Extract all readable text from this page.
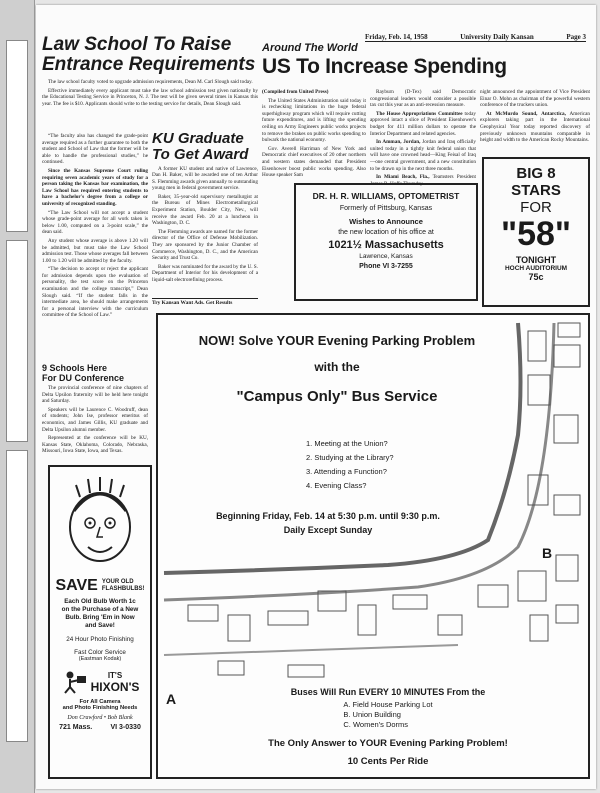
Friday, Feb. 14, 1958	University Daily Kansan	Page 3
Law School To Raise
Entrance Requirements

The law school faculty voted to upgrade admission requirements, Dean M. Carl Slough said today.

Effective immediately every applicant must take the law school admission test given nationally by the Educational Testing Service in Princeton, N. J. The test will be given several times in Kansas this year. The fee is $10. Applicants should write to the testing service for details, Dean Slough said.

“The faculty also has changed the grade-point average required as a further guarantee to both the student and School of Law that the former will be able to handle the professional studies,” he continued.

Since the Kansas Supreme Court ruling requiring seven academic years of study for a person taking the Kansas bar examination, the Law School has required entering students to have a bachelor's degree from a college or university of recognized standing.

“The Law School will not accept a student whose grade-point average for all work taken is below 1.00, computed on a 3-point scale,” the dean said.

Any student whose average is above 1.20 will be admitted, but must take the Law School admission test. Those whose averages fall between 1.00 to 1.20 will be admitted by the faculty.

“The decision to accept or reject the applicant for admission depends upon the evaluation of personality, the test score on the Princeton examination and the college transcript,” Dean Slough said. “If the student falls in the intermediate area, he should make arrangements for a personal interview with the curriculum committee of the School of Law.”

9 Schools Here
For DU Conference

The provincial conference of nine chapters of Delta Upsilon fraternity will be held here tonight and Saturday.

Speakers will be Laurence C. Woodruff, dean of students; John Ise, professor emeritus of economics, and James Gillis, KU graduate and Delta Upsilon alumni member.

Represented at the conference will be KU, Kansas State, Oklahoma, Colorado, Nebraska, Missouri, Iowa State, Iowa, and Texas.

KU Graduate
To Get Award

A former KU student and native of Lawrence, Dan H. Baker, will be awarded one of ten Arthur S. Flemming awards given annually to outstanding young men in federal government service.

Baker, 35-year-old supervisory metallurgist at the Bureau of Mines Electrometallurgical Experiment Station, Boulder City, Nev., will receive the award Feb. 20 at a luncheon in Washington, D. C.

The Flemming awards are named for the former director of the Office of Defense Mobilization. They are sponsored by the Junior Chamber of Commerce, Washington, D. C., and the American Security and Trust Co.

Baker was nominated for the award by the U. S. Department of Interior for his development of a liquid-salt electrorefining process.

Try Kansan Want Ads. Get Results
Around The World
US To Increase Spending

(Compiled from United Press)

The United States Administration said today it is rechecking limitations in the huge federal superhighway program which will require cutting future expenditures, and is lifting the spending ceiling on Army Engineers public works projects to remove the brakes on public works spending to bulwark the national economy.

Gov. Averell Harriman of New York and Democratic chief executives of 20 other northern and western states demanded that President Eisenhower boost public works spending. Also House speaker Sam

Rayburn (D-Tex) said Democratic congressional leaders would consider a possible tax cut this year as an anti-recession measure.

The House Appropriations Committee today approved intact a slice of President Eisenhower's budget for 411 million dollars to operate the Interior Department and related agencies.

In Amman, Jordan, Jordan and Iraq officially united today in a tightly knit federal union that will have one crowned head—King Feisal of Iraq—one central government, and a new constitution to be drawn up in the next three months.

In Miami Beach, Fla., Teamsters President James R. Hoffa Thursday

night announced the appointment of Vice President Einar O. Mohn as chairman of the powerful western conference of the truckers union.

At McMurdo Sound, Antarctica, American explorers taking part in the International Geophysical Year today reported discovery of previously unknown mountains comparable in height and width to the American Rocky Mountains.

DR. H. R. WILLIAMS, OPTOMETRIST
Formerly of Pittsburg, Kansas
Wishes to Announce
the new location of his office at
1021½ Massachusetts
Lawrence, Kansas
Phone VI 3-7255
BIG 8
STARS
FOR
"58"
TONIGHT
HOCH AUDITORIUM
75c
NOW! Solve YOUR Evening Parking Problem
with the
"Campus Only" Bus Service
1. Meeting at the Union?
2. Studying at the Library?
3. Attending a Function?
4. Evening Class?
Beginning Friday, Feb. 14 at 5:30 p.m. until 9:30 p.m.
Daily Except Sunday
A
B
Buses Will Run EVERY 10 MINUTES From the
A. Field House Parking Lot
B. Union Building
C. Women's Dorms
The Only Answer to YOUR Evening Parking Problem!
10 Cents Per Ride
SAVE YOUR OLD
FLASHBULBS!
Each Old Bulb Worth 1c
on the Purchase of a New
Bulb. Bring 'Em in Now
and Save!
24 Hour Photo Finishing
Fast Color Service
(Eastman Kodak)
IT'S
HIXON'S
For All Camera
and Photo Finishing Needs
Don Crawford • Bob Blank
721 Mass.	VI 3-0330
